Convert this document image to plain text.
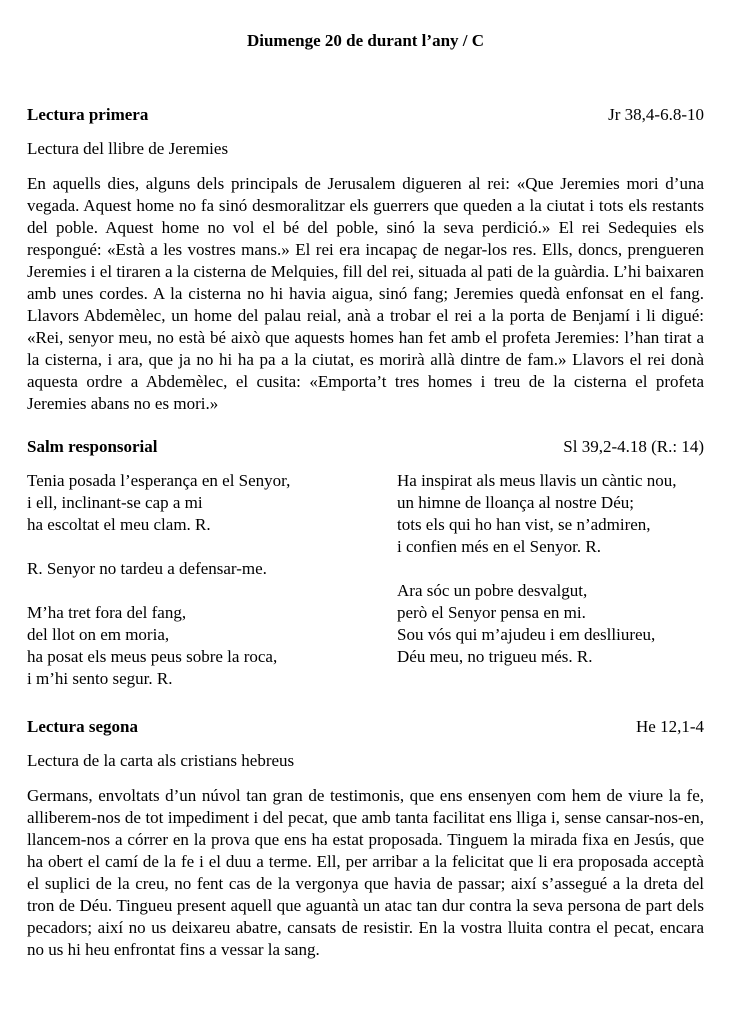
Diumenge 20 de durant l’any / C
Lectura primera	Jr 38,4-6.8-10
Lectura del llibre de Jeremies
En aquells dies, alguns dels principals de Jerusalem digueren al rei: «Que Jeremies mori d’una vegada. Aquest home no fa sinó desmoralitzar els guerrers que queden a la ciutat i tots els restants del poble. Aquest home no vol el bé del poble, sinó la seva perdició.» El rei Sedequies els respongué: «Està a les vostres mans.» El rei era incapaç de negar-los res. Ells, doncs, prengueren Jeremies i el tiraren a la cisterna de Melquies, fill del rei, situada al pati de la guàrdia. L’hi baixaren amb unes cordes. A la cisterna no hi havia aigua, sinó fang; Jeremies quedà enfonsat en el fang. Llavors Abdemèlec, un home del palau reial, anà a trobar el rei a la porta de Benjamí i li digué: «Rei, senyor meu, no està bé això que aquests homes han fet amb el profeta Jeremies: l’han tirat a la cisterna, i ara, que ja no hi ha pa a la ciutat, es morirà allà dintre de fam.» Llavors el rei donà aquesta ordre a Abdemèlec, el cusita: «Emporta’t tres homes i treu de la cisterna el profeta Jeremies abans no es mori.»
Salm responsorial	Sl 39,2-4.18 (R.: 14)
Tenia posada l’esperança en el Senyor,
i ell, inclinant-se cap a mi
ha escoltat el meu clam. R.
R. Senyor no tardeu a defensar-me.
M’ha tret fora del fang,
del llot on em moria,
ha posat els meus peus sobre la roca,
i m’hi sento segur. R.
Ha inspirat als meus llavis un càntic nou,
un himne de lloança al nostre Déu;
tots els qui ho han vist, se n’admiren,
i confien més en el Senyor. R.
Ara sóc un pobre desvalgut,
però el Senyor pensa en mi.
Sou vós qui m’ajudeu i em deslliureu,
Déu meu, no trigueu més. R.
Lectura segona	He 12,1-4
Lectura de la carta als cristians hebreus
Germans, envoltats d’un núvol tan gran de testimonis, que ens ensenyen com hem de viure la fe, alliberem-nos de tot impediment i del pecat, que amb tanta facilitat ens lliga i, sense cansar-nos-en, llancem-nos a córrer en la prova que ens ha estat proposada. Tinguem la mirada fixa en Jesús, que ha obert el camí de la fe i el duu a terme. Ell, per arribar a la felicitat que li era proposada acceptà el suplici de la creu, no fent cas de la vergonya que havia de passar; així s’assegué a la dreta del tron de Déu. Tingueu present aquell que aguantà un atac tan dur contra la seva persona de part dels pecadors; així no us deixareu abatre, cansats de resistir. En la vostra lluita contra el pecat, encara no us hi heu enfrontat fins a vessar la sang.
